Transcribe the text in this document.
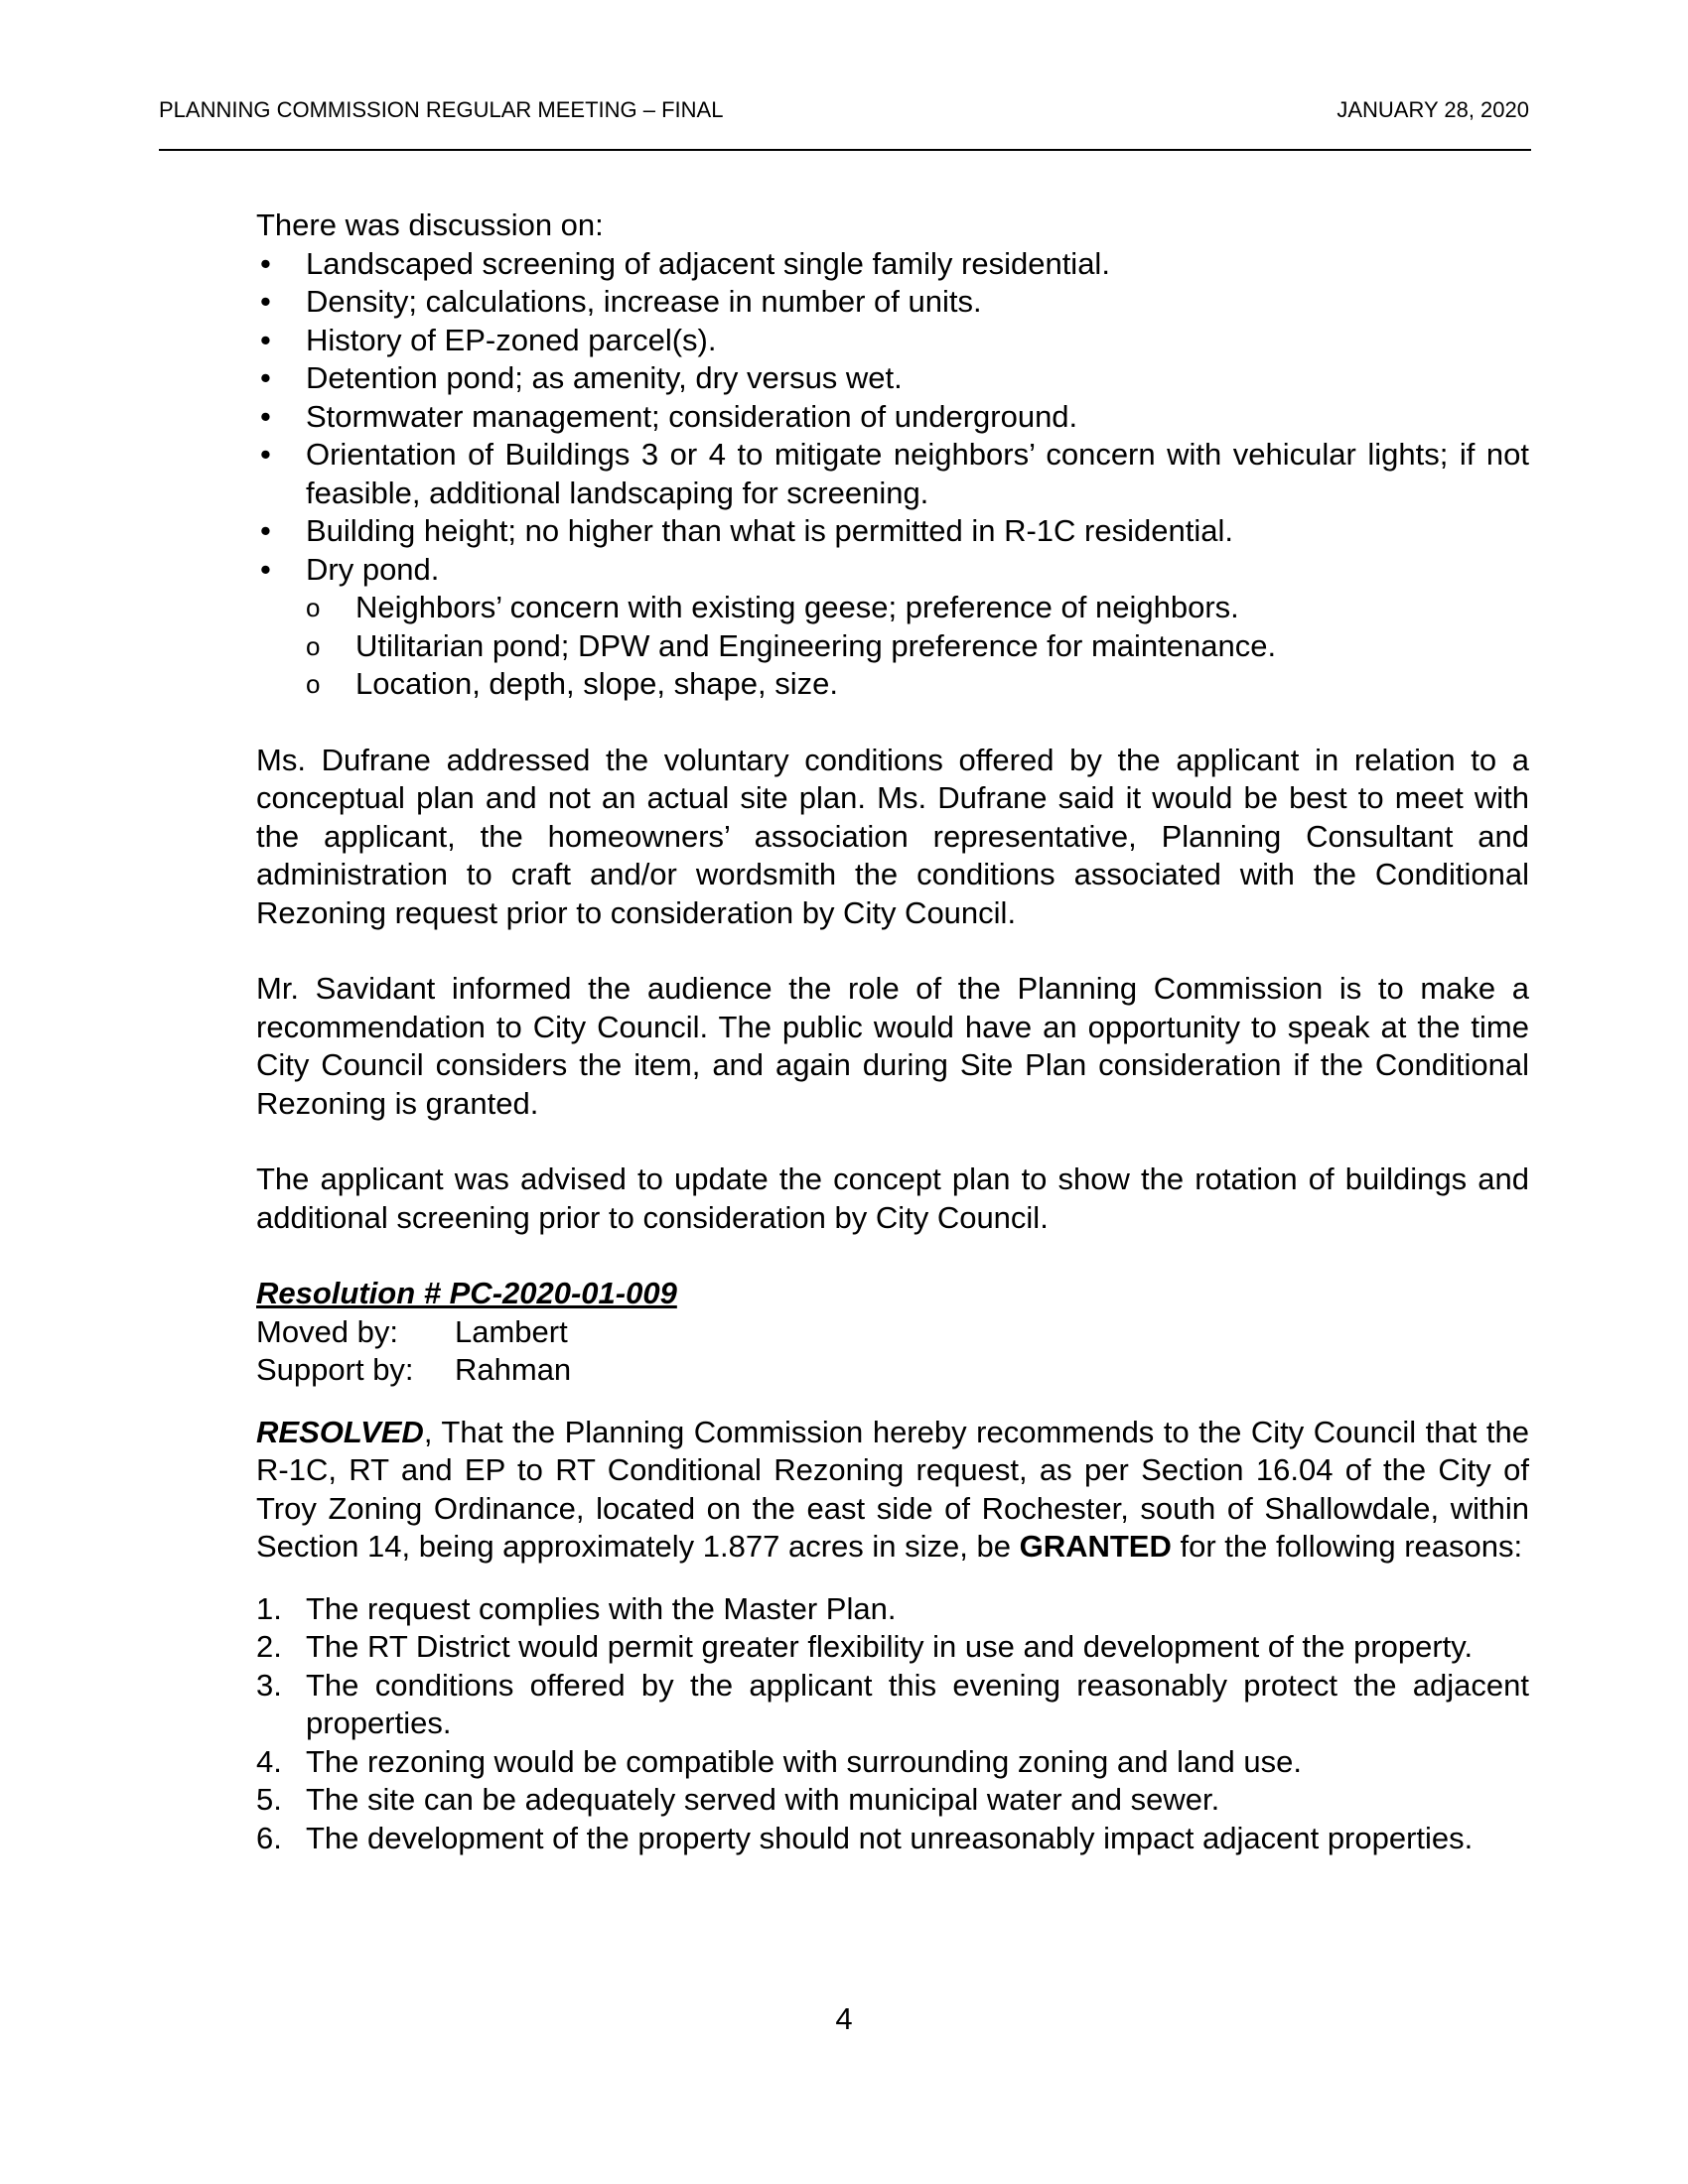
PLANNING COMMISSION REGULAR MEETING – FINAL	JANUARY 28, 2020

There was discussion on:

• Landscaped screening of adjacent single family residential.
• Density; calculations, increase in number of units.
• History of EP-zoned parcel(s).
• Detention pond; as amenity, dry versus wet.
• Stormwater management; consideration of underground.
• Orientation of Buildings 3 or 4 to mitigate neighbors’ concern with vehicular lights; if not feasible, additional landscaping for screening.
• Building height; no higher than what is permitted in R-1C residential.
• Dry pond.
o Neighbors’ concern with existing geese; preference of neighbors.
o Utilitarian pond; DPW and Engineering preference for maintenance.
o Location, depth, slope, shape, size.

Ms. Dufrane addressed the voluntary conditions offered by the applicant in relation to a conceptual plan and not an actual site plan. Ms. Dufrane said it would be best to meet with the applicant, the homeowners’ association representative, Planning Consultant and administration to craft and/or wordsmith the conditions associated with the Conditional Rezoning request prior to consideration by City Council.

Mr. Savidant informed the audience the role of the Planning Commission is to make a recommendation to City Council. The public would have an opportunity to speak at the time City Council considers the item, and again during Site Plan consideration if the Conditional Rezoning is granted.

The applicant was advised to update the concept plan to show the rotation of buildings and additional screening prior to consideration by City Council.

Resolution # PC-2020-01-009

Moved by:	Lambert
Support by:	Rahman

RESOLVED, That the Planning Commission hereby recommends to the City Council that the R-1C, RT and EP to RT Conditional Rezoning request, as per Section 16.04 of the City of Troy Zoning Ordinance, located on the east side of Rochester, south of Shallowdale, within Section 14, being approximately 1.877 acres in size, be GRANTED for the following reasons:

1. The request complies with the Master Plan.
2. The RT District would permit greater flexibility in use and development of the property.
3. The conditions offered by the applicant this evening reasonably protect the adjacent properties.
4. The rezoning would be compatible with surrounding zoning and land use.
5. The site can be adequately served with municipal water and sewer.
6. The development of the property should not unreasonably impact adjacent properties.
4
